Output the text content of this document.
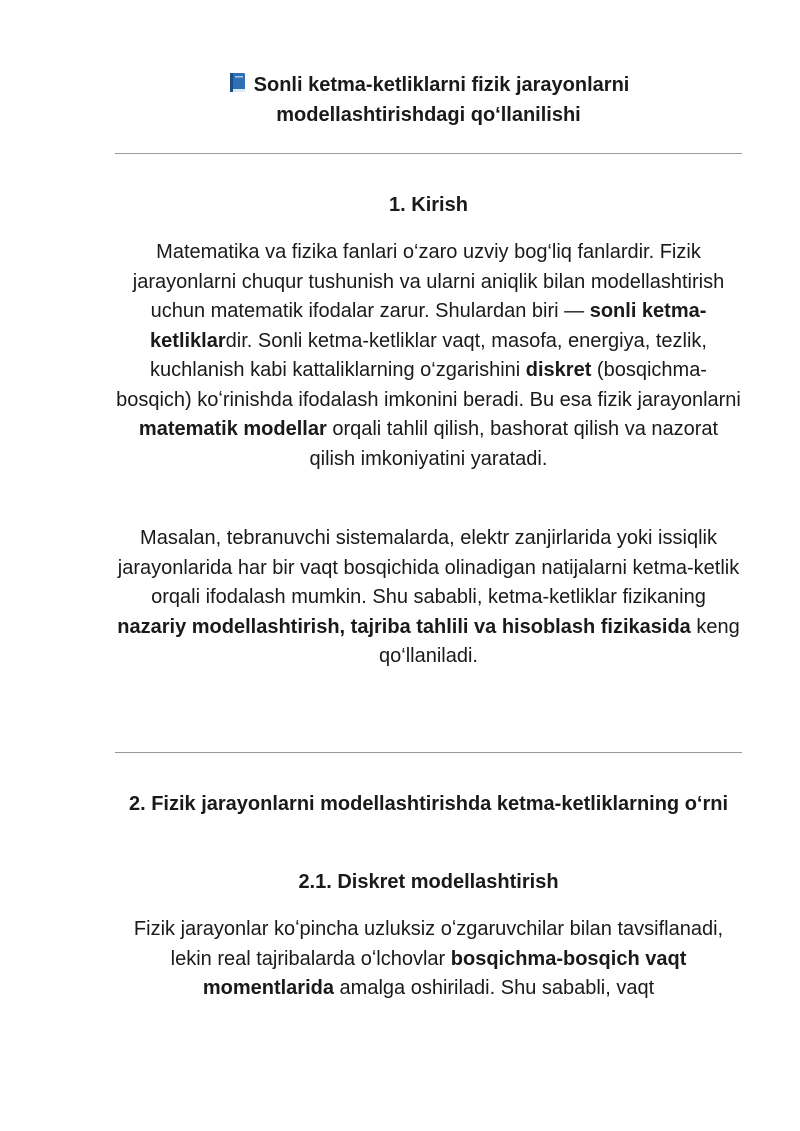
Sonli ketma-ketliklarni fizik jarayonlarni
modellashtirishdagi qo‘llanilishi
1. Kirish

Matematika va fizika fanlari o‘zaro uzviy bog‘liq fanlardir. Fizik jarayonlarni chuqur tushunish va ularni aniqlik bilan modellashtirish uchun matematik ifodalar zarur. Shulardan biri — sonli ketma-ketliklardir. Sonli ketma-ketliklar vaqt, masofa, energiya, tezlik, kuchlanish kabi kattaliklarning o‘zgarishini diskret (bosqichma-bosqich) koʻrinishda ifodalash imkonini beradi. Bu esa fizik jarayonlarni matematik modellar orqali tahlil qilish, bashorat qilish va nazorat qilish imkoniyatini yaratadi.

Masalan, tebranuvchi sistemalarda, elektr zanjirlarida yoki issiqlik jarayonlarida har bir vaqt bosqichida olinadigan natijalarni ketma-ketlik orqali ifodalash mumkin. Shu sababli, ketma-ketliklar fizikaning nazariy modellashtirish, tajriba tahlili va hisoblash fizikasida keng qo‘llaniladi.

2. Fizik jarayonlarni modellashtirishda ketma-ketliklarning o‘rni
2.1. Diskret modellashtirish

Fizik jarayonlar koʻpincha uzluksiz oʻzgaruvchilar bilan tavsiflanadi, lekin real tajribalarda oʻlchovlar bosqichma-bosqich vaqt momentlarida amalga oshiriladi. Shu sababli, vaqt
